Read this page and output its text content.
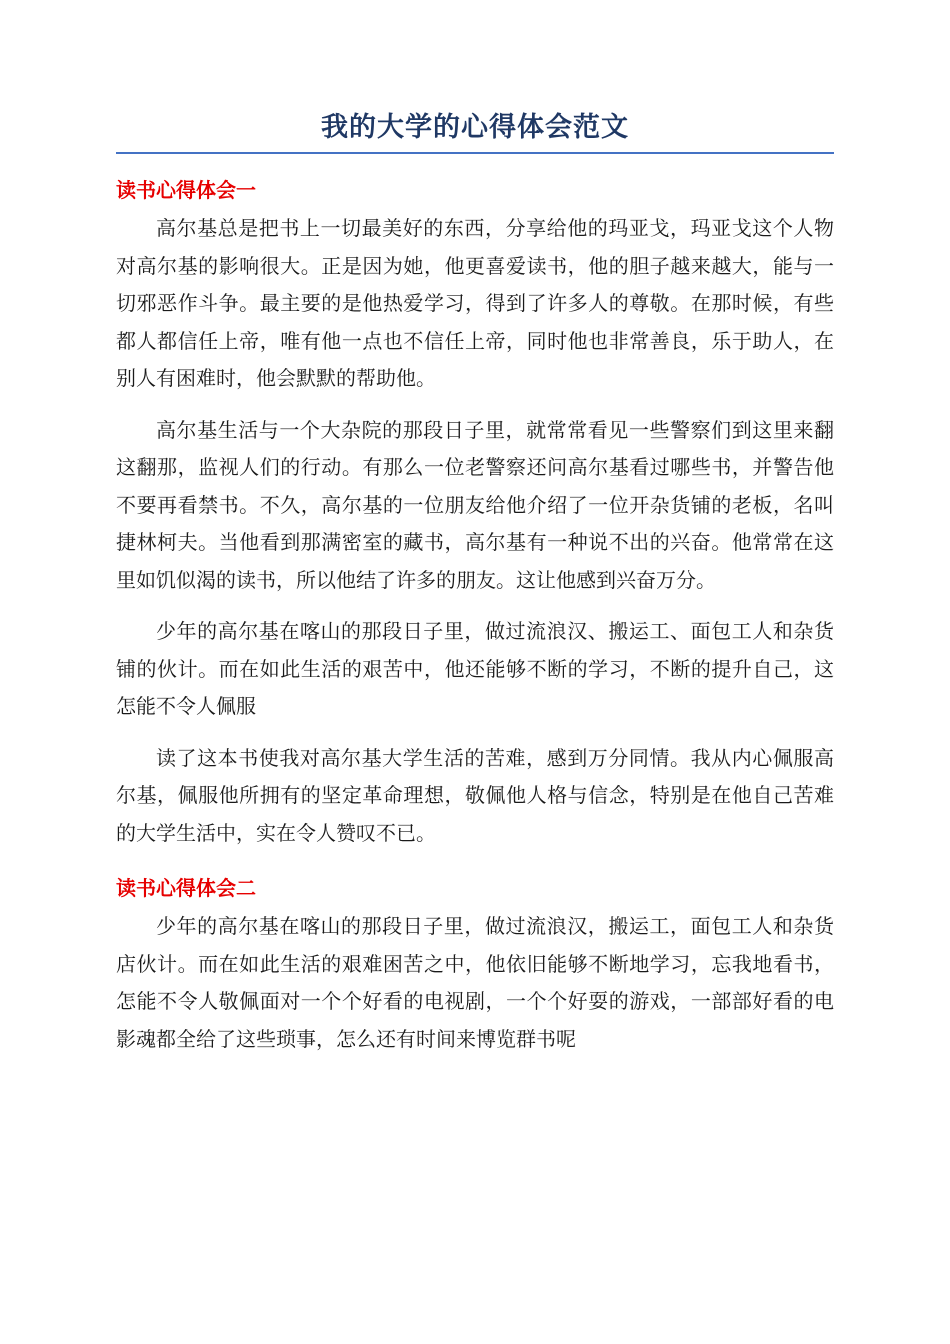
我的大学的心得体会范文
读书心得体会一

高尔基总是把书上一切最美好的东西，分享给他的玛亚戈，玛亚戈这个人物对高尔基的影响很大。正是因为她，他更喜爱读书，他的胆子越来越大，能与一切邪恶作斗争。最主要的是他热爱学习，得到了许多人的尊敬。在那时候，有些都人都信任上帝，唯有他一点也不信任上帝，同时他也非常善良，乐于助人，在别人有困难时，他会默默的帮助他。

高尔基生活与一个大杂院的那段日子里，就常常看见一些警察们到这里来翻这翻那，监视人们的行动。有那么一位老警察还问高尔基看过哪些书，并警告他不要再看禁书。不久，高尔基的一位朋友给他介绍了一位开杂货铺的老板，名叫捷林柯夫。当他看到那满密室的藏书，高尔基有一种说不出的兴奋。他常常在这里如饥似渴的读书，所以他结了许多的朋友。这让他感到兴奋万分。

少年的高尔基在喀山的那段日子里，做过流浪汉、搬运工、面包工人和杂货铺的伙计。而在如此生活的艰苦中，他还能够不断的学习，不断的提升自己，这怎能不令人佩服

读了这本书使我对高尔基大学生活的苦难，感到万分同情。我从内心佩服高尔基，佩服他所拥有的坚定革命理想，敬佩他人格与信念，特别是在他自己苦难的大学生活中，实在令人赞叹不已。

读书心得体会二

少年的高尔基在喀山的那段日子里，做过流浪汉，搬运工，面包工人和杂货店伙计。而在如此生活的艰难困苦之中，他依旧能够不断地学习，忘我地看书，怎能不令人敬佩面对一个个好看的电视剧，一个个好耍的游戏，一部部好看的电影魂都全给了这些琐事，怎么还有时间来博览群书呢
